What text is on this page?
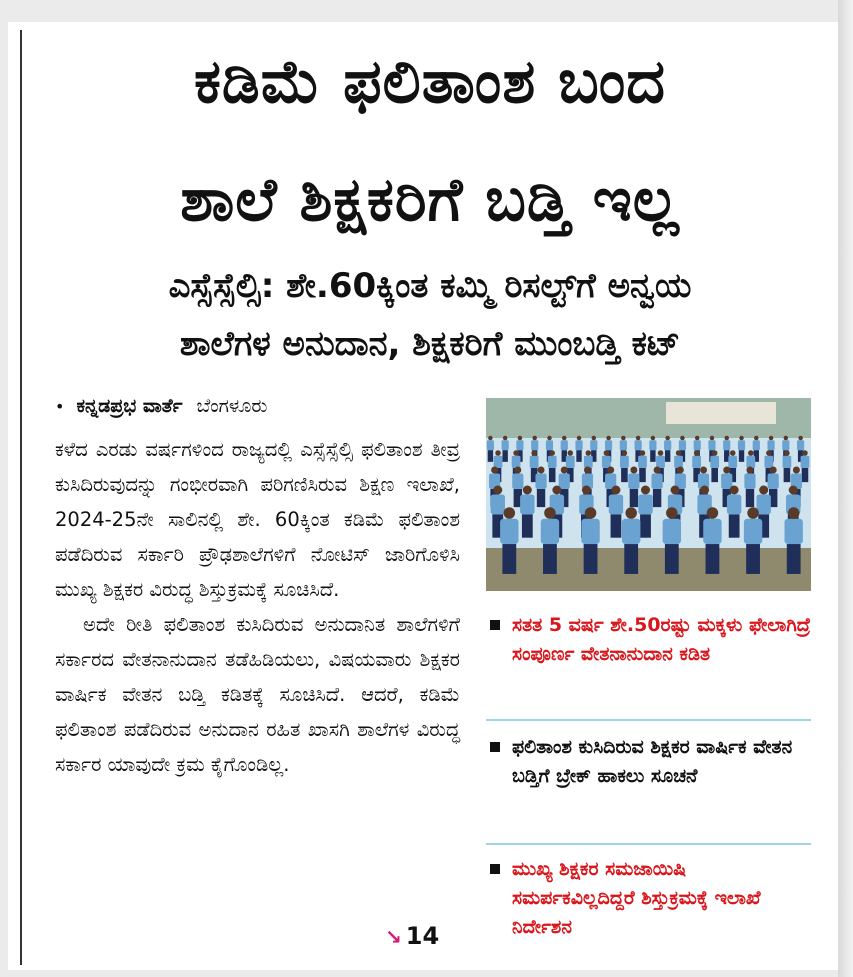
ಕಡಿಮೆ ಫಲಿತಾಂಶ ಬಂದ
ಶಾಲೆ ಶಿಕ್ಷಕರಿಗೆ ಬಡ್ತಿ ಇಲ್ಲ
ಎಸ್ಸೆಸ್ಸೆಲ್ಸಿ: ಶೇ.60ಕ್ಕಿಂತ ಕಮ್ಮಿ ರಿಸಲ್ಟ್‌ಗೆ ಅನ್ವಯ
ಶಾಲೆಗಳ ಅನುದಾನ, ಶಿಕ್ಷಕರಿಗೆ ಮುಂಬಡ್ತಿ ಕಟ್
• ಕನ್ನಡಪ್ರಭ ವಾರ್ತೆ ಬೆಂಗಳೂರು

ಕಳೆದ ಎರಡು ವರ್ಷಗಳಿಂದ ರಾಜ್ಯದಲ್ಲಿ ಎಸ್ಸೆಸ್ಸೆಲ್ಸಿ ಫಲಿತಾಂಶ ತೀವ್ರ ಕುಸಿದಿರುವುದನ್ನು ಗಂಭೀರವಾಗಿ ಪರಿಗಣಿಸಿರುವ ಶಿಕ್ಷಣ ಇಲಾಖೆ, 2024-25ನೇ ಸಾಲಿನಲ್ಲಿ ಶೇ. 60ಕ್ಕಿಂತ ಕಡಿಮೆ ಫಲಿತಾಂಶ ಪಡೆದಿರುವ ಸರ್ಕಾರಿ ಪ್ರೌಢಶಾಲೆಗಳಿಗೆ ನೋಟಿಸ್ ಜಾರಿಗೊಳಿಸಿ ಮುಖ್ಯ ಶಿಕ್ಷಕರ ವಿರುದ್ಧ ಶಿಸ್ತುಕ್ರಮಕ್ಕೆ ಸೂಚಿಸಿದೆ.

ಅದೇ ರೀತಿ ಫಲಿತಾಂಶ ಕುಸಿದಿರುವ ಅನುದಾನಿತ ಶಾಲೆಗಳಿಗೆ ಸರ್ಕಾರದ ವೇತನಾನುದಾನ ತಡೆಹಿಡಿಯಲು, ವಿಷಯವಾರು ಶಿಕ್ಷಕರ ವಾರ್ಷಿಕ ವೇತನ ಬಡ್ತಿ ಕಡಿತಕ್ಕೆ ಸೂಚಿಸಿದೆ. ಆದರೆ, ಕಡಿಮೆ ಫಲಿತಾಂಶ ಪಡೆದಿರುವ ಅನುದಾನ ರಹಿತ ಖಾಸಗಿ ಶಾಲೆಗಳ ವಿರುದ್ಧ ಸರ್ಕಾರ ಯಾವುದೇ ಕ್ರಮ ಕೈಗೊಂಡಿಲ್ಲ.

↘ 14
ಸತತ 5 ವರ್ಷ ಶೇ.50ರಷ್ಟು ಮಕ್ಕಳು ಫೇಲಾಗಿದ್ರೆ ಸಂಪೂರ್ಣ ವೇತನಾನುದಾನ ಕಡಿತ
ಫಲಿತಾಂಶ ಕುಸಿದಿರುವ ಶಿಕ್ಷಕರ ವಾರ್ಷಿಕ ವೇತನ ಬಡ್ತಿಗೆ ಬ್ರೇಕ್ ಹಾಕಲು ಸೂಚನೆ
ಮುಖ್ಯ ಶಿಕ್ಷಕರ ಸಮಜಾಯಿಷಿ ಸಮರ್ಪಕವಿಲ್ಲದಿದ್ದರೆ ಶಿಸ್ತುಕ್ರಮಕ್ಕೆ ಇಲಾಖೆ ನಿರ್ದೇಶನ
